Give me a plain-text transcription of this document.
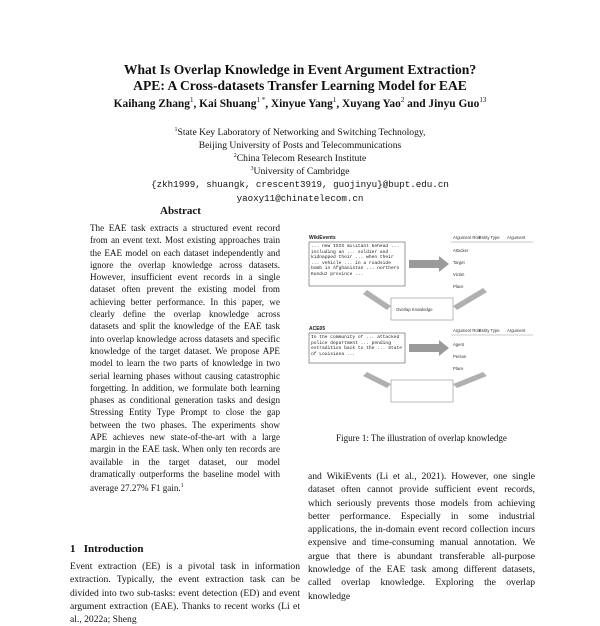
What Is Overlap Knowledge in Event Argument Extraction?
APE: A Cross-datasets Transfer Learning Model for EAE
Kaihang Zhang$^1$, Kai Shuang$^{1 *}$, Xinyue Yang$^1$, Xuyang Yao$^2$ and Jinyu Guo$^{13}$
$^1$State Key Laboratory of Networking and Switching Technology,
Beijing University of Posts and Telecommunications
$^2$China Telecom Research Institute
$^3$University of Cambridge
{zkh1999, shuangk, crescent3919, guojinyu}@bupt.edu.cn
yaoxy11@chinatelecom.cn
Abstract
The EAE task extracts a structured event record from an event text. Most existing approaches train the EAE model on each dataset independently and ignore the overlap knowledge across datasets. However, insufficient event records in a single dataset often prevent the existing model from achieving better performance. In this paper, we clearly define the overlap knowledge across datasets and split the knowledge of the EAE task into overlap knowledge across datasets and specific knowledge of the target dataset. We propose APE model to learn the two parts of knowledge in two serial learning phases without causing catastrophic forgetting. In addition, we formulate both learning phases as conditional generation tasks and design Stressing Entity Type Prompt to close the gap between the two phases. The experiments show APE achieves new state-of-the-art with a large margin in the EAE task. When only ten records are available in the target dataset, our model dramatically outperforms the baseline model with average 27.27% F1 gain.$^1$
1 Introduction
Event extraction (EE) is a pivotal task in information extraction. Typically, the event extraction task can be divided into two sub-tasks: event detection (ED) and event argument extraction (EAE). Thanks to recent works (Li et al., 2022a; Sheng
WikiEvents
... new ISIS militant behead ... including an ... soldier and kidnapped their ... when their ... vehicle ... in a roadside bomb in Afghanistan ... northern Kunduz province ...
Argument Role
Entity Type Argument
Attacker
Target
Victim
Place
Overlap Knowledge
ACE05
In the community of ... attacked police department ... pending extradition back to the ... State of Louisiana ...
Argument Role
Entity Type Argument
Agent
Person
Place
Figure 1: The illustration of overlap knowledge
and WikiEvents (Li et al., 2021). However, one single dataset often cannot provide sufficient event records, which seriously prevents those models from achieving better performance. Especially in some industrial applications, the in-domain event record collection incurs expensive and time-consuming manual annotation. We argue that there is abundant transferable all-purpose knowledge of the EAE task among different datasets, called overlap knowledge. Exploring the overlap knowledge
